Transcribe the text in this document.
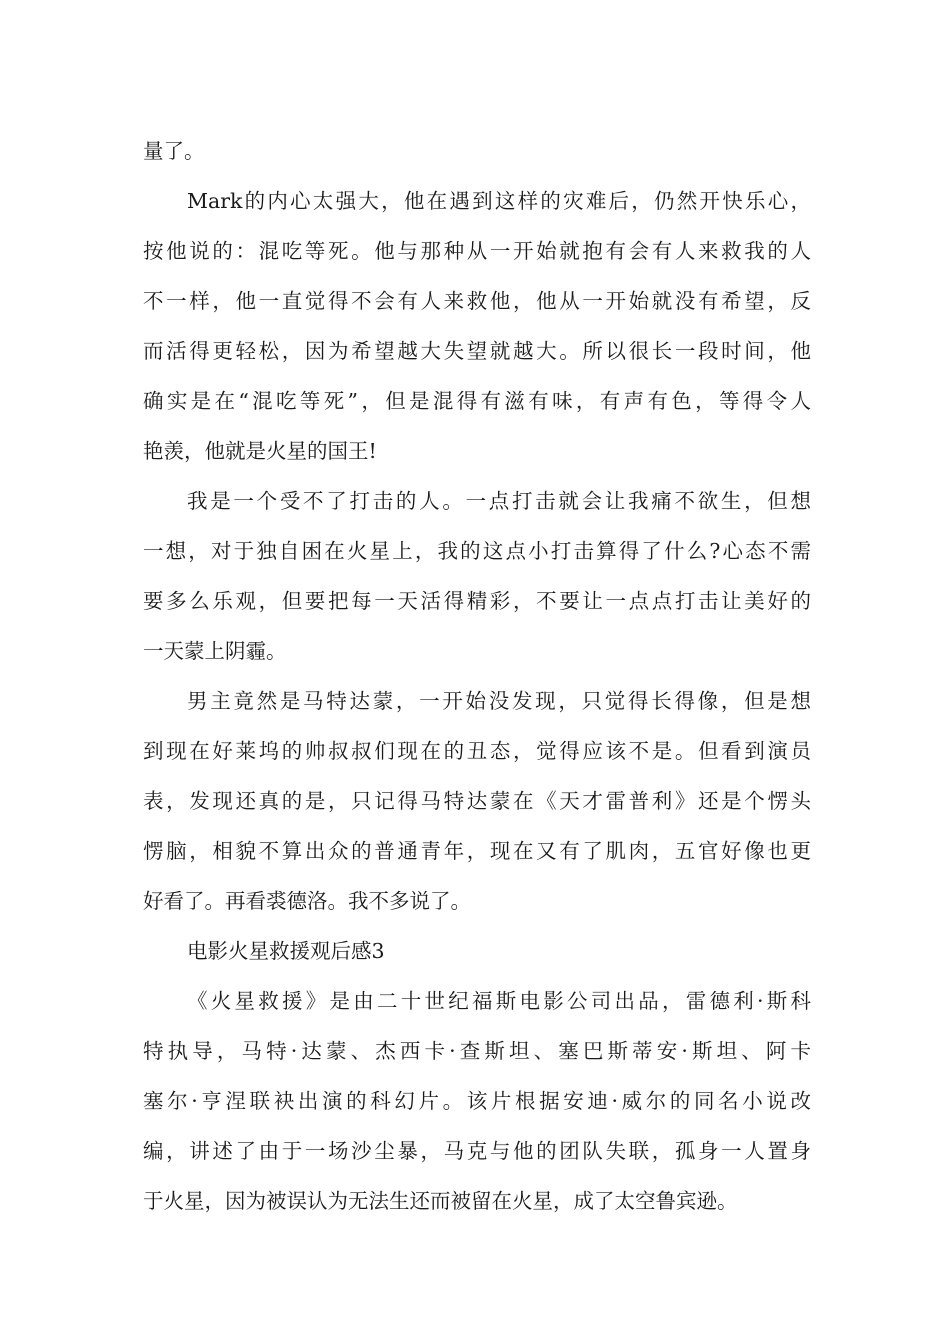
量了。
Mark的内心太强大，他在遇到这样的灾难后，仍然开快乐心，
按他说的：混吃等死。他与那种从一开始就抱有会有人来救我的人
不一样，他一直觉得不会有人来救他，他从一开始就没有希望，反
而活得更轻松，因为希望越大失望就越大。所以很长一段时间，他
确实是在“混吃等死”，但是混得有滋有味，有声有色，等得令人
艳羡，他就是火星的国王!
我是一个受不了打击的人。一点打击就会让我痛不欲生，但想
一想，对于独自困在火星上，我的这点小打击算得了什么?心态不需
要多么乐观，但要把每一天活得精彩，不要让一点点打击让美好的
一天蒙上阴霾。
男主竟然是马特达蒙，一开始没发现，只觉得长得像，但是想
到现在好莱坞的帅叔叔们现在的丑态，觉得应该不是。但看到演员
表，发现还真的是，只记得马特达蒙在《天才雷普利》还是个愣头
愣脑，相貌不算出众的普通青年，现在又有了肌肉，五官好像也更
好看了。再看裘德洛。我不多说了。
电影火星救援观后感3
《火星救援》是由二十世纪福斯电影公司出品，雷德利·斯科
特执导，马特·达蒙、杰西卡·查斯坦、塞巴斯蒂安·斯坦、阿卡
塞尔·亨涅联袂出演的科幻片。该片根据安迪·威尔的同名小说改
编，讲述了由于一场沙尘暴，马克与他的团队失联，孤身一人置身
于火星，因为被误认为无法生还而被留在火星，成了太空鲁宾逊。
